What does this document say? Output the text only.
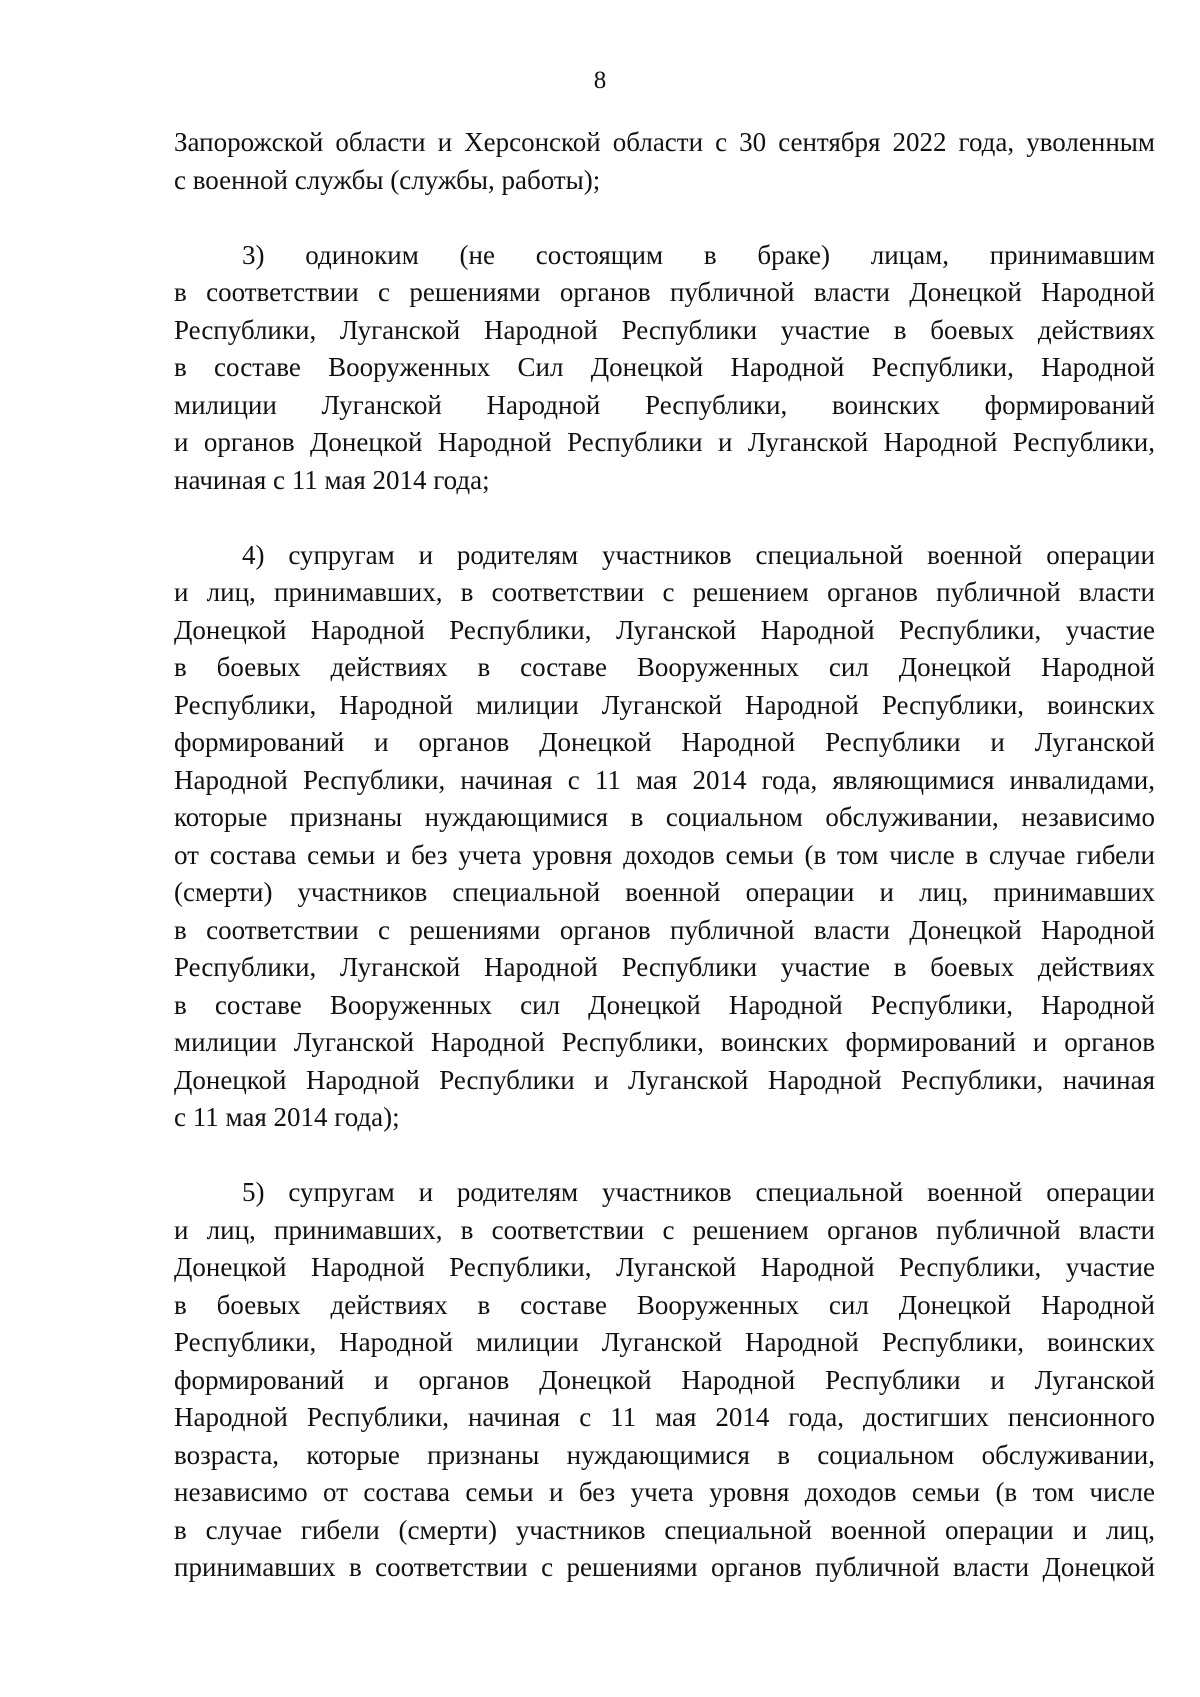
8
Запорожской области и Херсонской области с 30 сентября 2022 года, уволенным
с военной службы (службы, работы);
3) одиноким (не состоящим в браке) лицам, принимавшим
в соответствии с решениями органов публичной власти Донецкой Народной
Республики, Луганской Народной Республики участие в боевых действиях
в составе Вооруженных Сил Донецкой Народной Республики, Народной
милиции Луганской Народной Республики, воинских формирований
и органов Донецкой Народной Республики и Луганской Народной Республики,
начиная с 11 мая 2014 года;
4) супругам и родителям участников специальной военной операции
и лиц, принимавших, в соответствии с решением органов публичной власти
Донецкой Народной Республики, Луганской Народной Республики, участие
в боевых действиях в составе Вооруженных сил Донецкой Народной
Республики, Народной милиции Луганской Народной Республики, воинских
формирований и органов Донецкой Народной Республики и Луганской
Народной Республики, начиная с 11 мая 2014 года, являющимися инвалидами,
которые признаны нуждающимися в социальном обслуживании, независимо
от состава семьи и без учета уровня доходов семьи (в том числе в случае гибели
(смерти) участников специальной военной операции и лиц, принимавших
в соответствии с решениями органов публичной власти Донецкой Народной
Республики, Луганской Народной Республики участие в боевых действиях
в составе Вооруженных сил Донецкой Народной Республики, Народной
милиции Луганской Народной Республики, воинских формирований и органов
Донецкой Народной Республики и Луганской Народной Республики, начиная
с 11 мая 2014 года);
5) супругам и родителям участников специальной военной операции
и лиц, принимавших, в соответствии с решением органов публичной власти
Донецкой Народной Республики, Луганской Народной Республики, участие
в боевых действиях в составе Вооруженных сил Донецкой Народной
Республики, Народной милиции Луганской Народной Республики, воинских
формирований и органов Донецкой Народной Республики и Луганской
Народной Республики, начиная с 11 мая 2014 года, достигших пенсионного
возраста, которые признаны нуждающимися в социальном обслуживании,
независимо от состава семьи и без учета уровня доходов семьи (в том числе
в случае гибели (смерти) участников специальной военной операции и лиц,
принимавших в соответствии с решениями органов публичной власти Донецкой
